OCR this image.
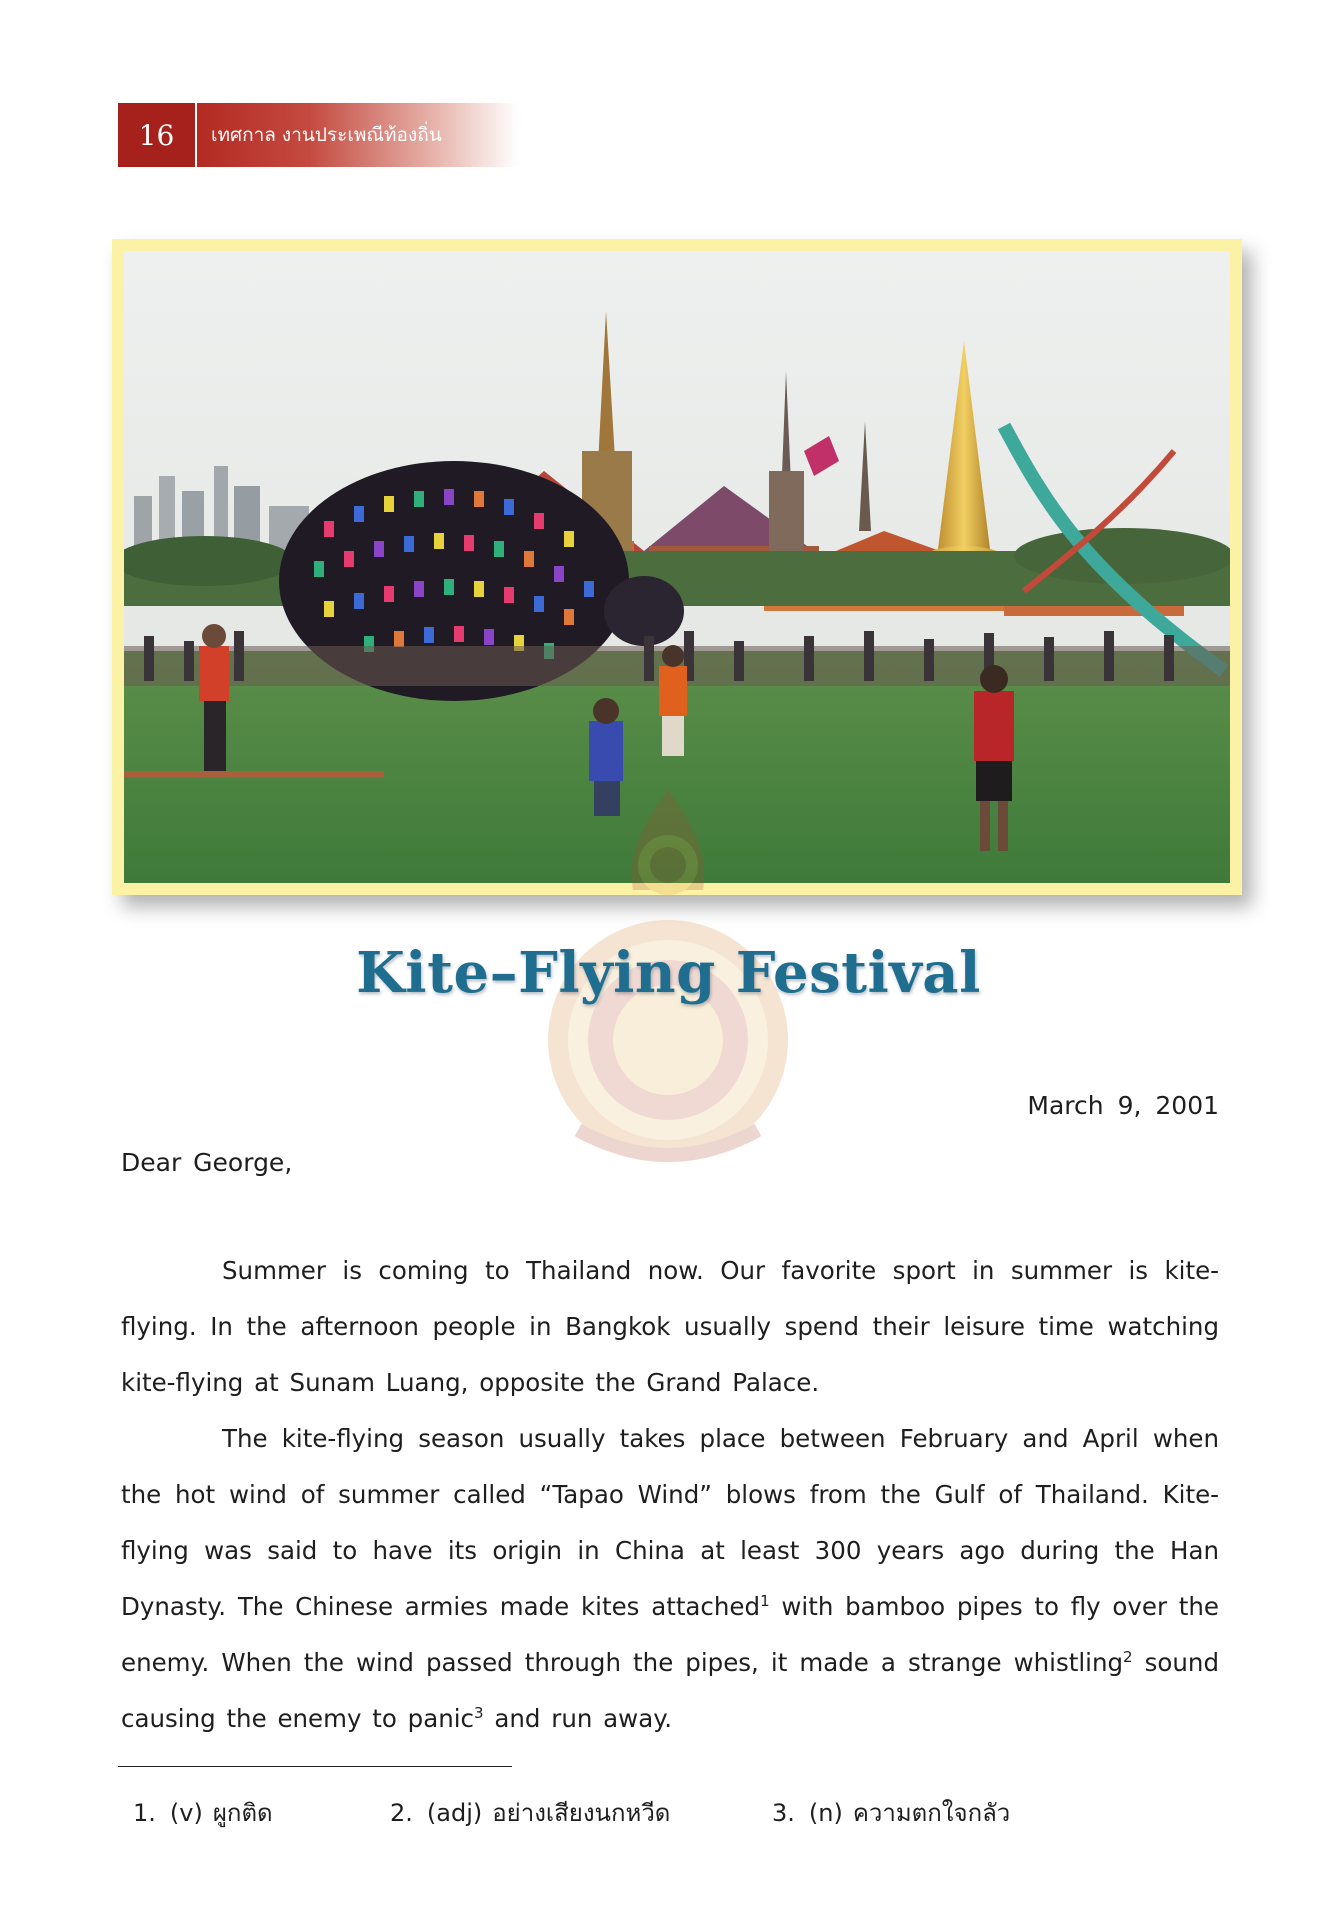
16	เทศกาล งานประเพณีท้องถิ่น
Kite–Flying Festival
March 9, 2001
Dear George,

Summer is coming to Thailand now. Our favorite sport in summer is kite-flying. In the afternoon people in Bangkok usually spend their leisure time watching kite-flying at Sunam Luang, opposite the Grand Palace.

The kite-flying season usually takes place between February and April when the hot wind of summer called “Tapao Wind” blows from the Gulf of Thailand. Kite-flying was said to have its origin in China at least 300 years ago during the Han Dynasty. The Chinese armies made kites attached$^1$ with bamboo pipes to fly over the enemy. When the wind passed through the pipes, it made a strange whistling$^2$ sound causing the enemy to panic$^3$ and run away.

1. (v) ผูกติด	2. (adj) อย่างเสียงนกหวีด	3. (n) ความตกใจกลัว
